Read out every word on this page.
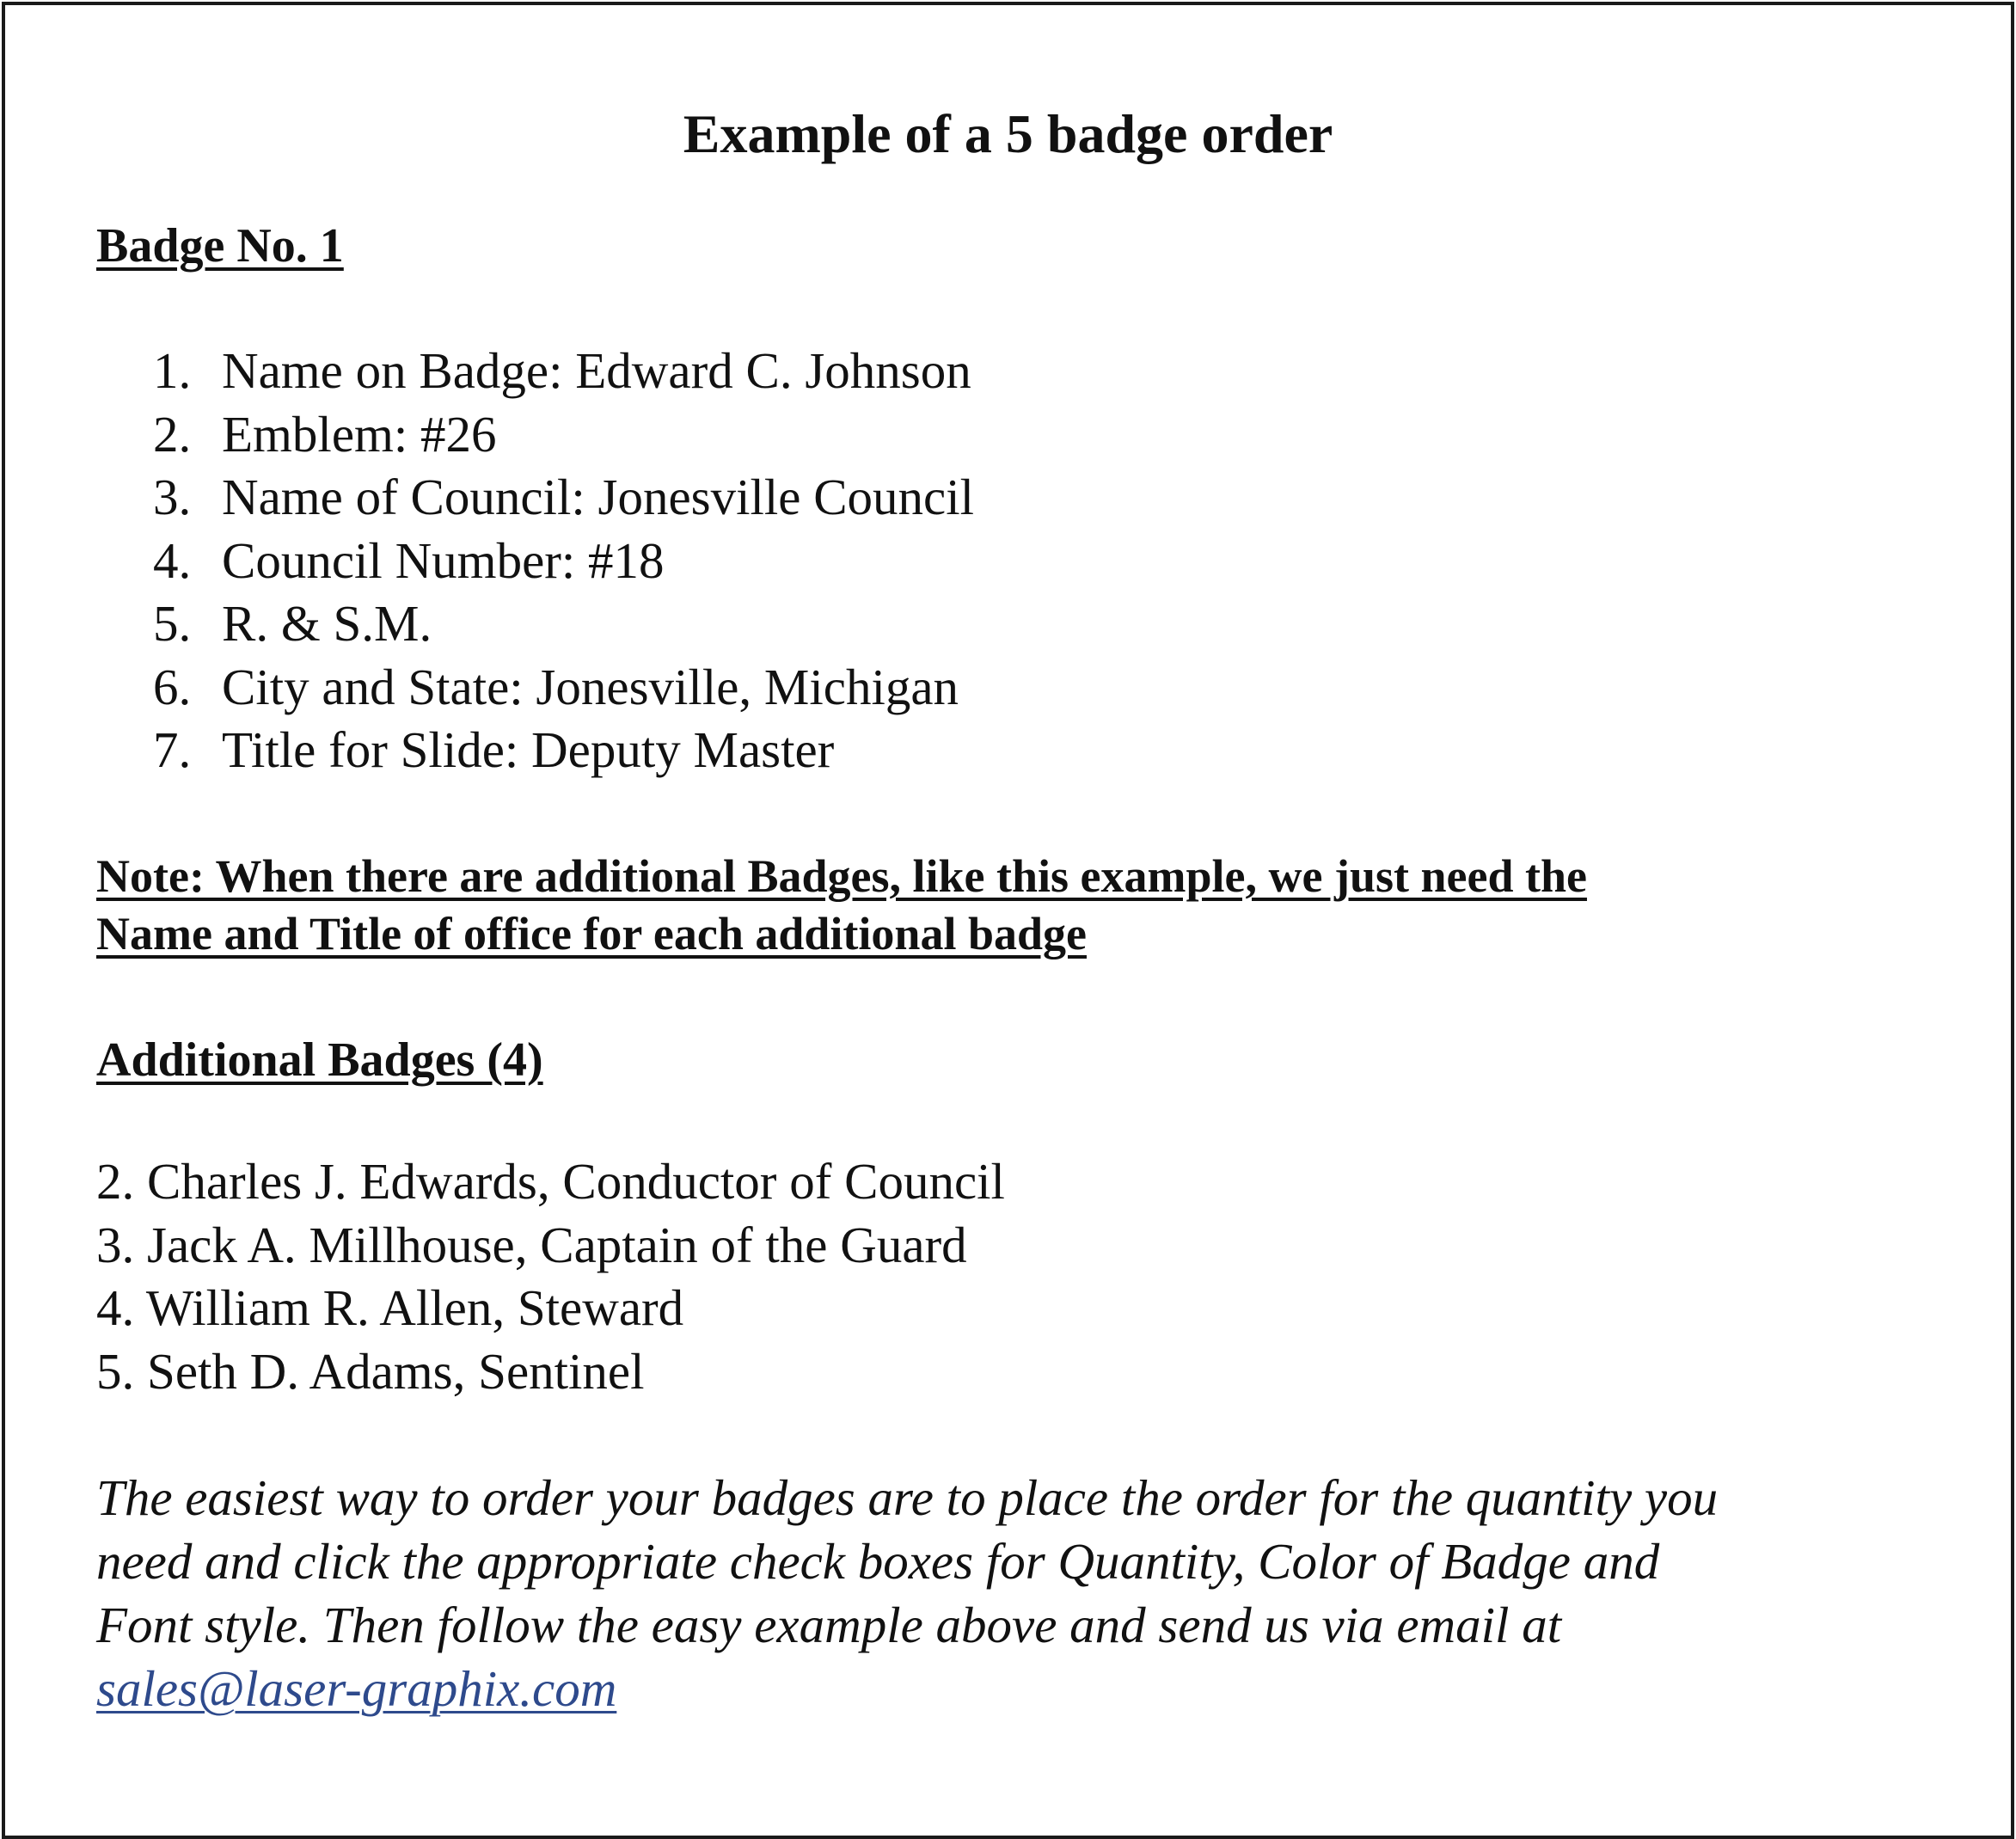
Example of a 5 badge order
Badge No. 1
1. Name on Badge: Edward C. Johnson
2. Emblem: #26
3. Name of Council: Jonesville Council
4. Council Number: #18
5. R. & S.M.
6. City and State: Jonesville, Michigan
7. Title for Slide: Deputy Master
Note: When there are additional Badges, like this example, we just need the
Name and Title of office for each additional badge
Additional Badges (4)
2. Charles J. Edwards, Conductor of Council
3. Jack A. Millhouse, Captain of the Guard
4. William R. Allen, Steward
5. Seth D. Adams, Sentinel
The easiest way to order your badges are to place the order for the quantity you
need and click the appropriate check boxes for Quantity, Color of Badge and
Font style. Then follow the easy example above and send us via email at
sales@laser-graphix.com
